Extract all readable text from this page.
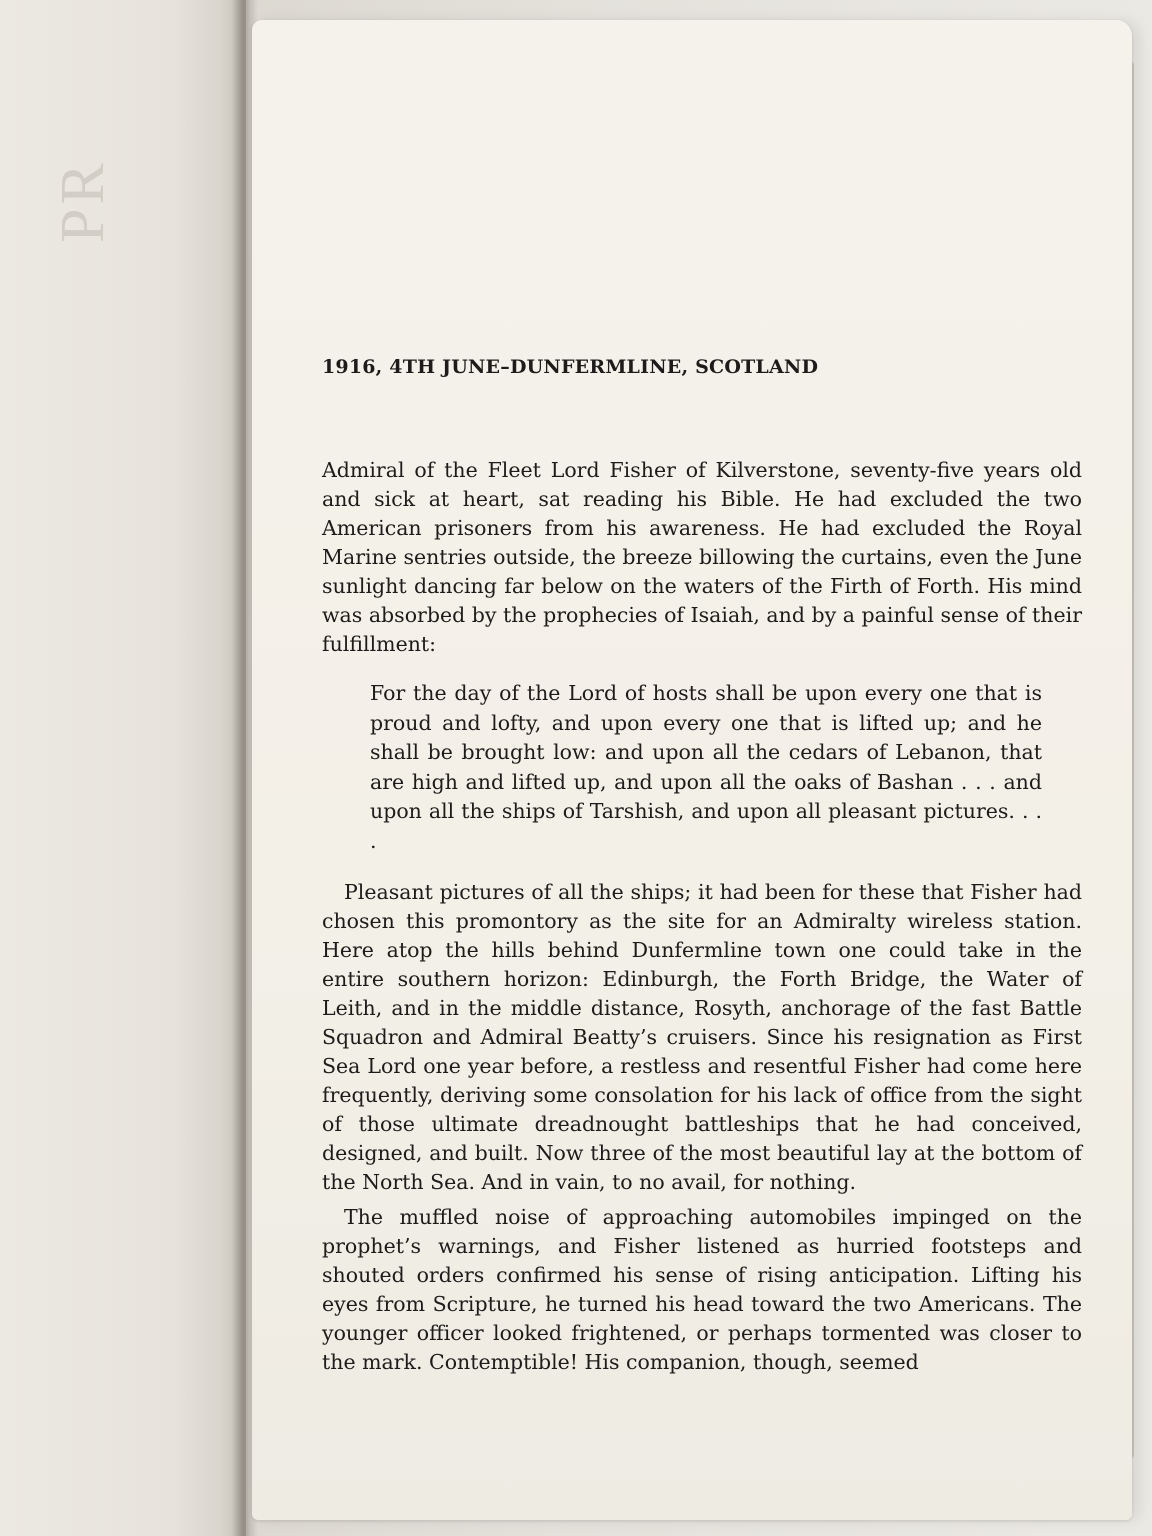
PR
1916, 4TH JUNE–DUNFERMLINE, SCOTLAND

Admiral of the Fleet Lord Fisher of Kilverstone, seventy-five years old and sick at heart, sat reading his Bible. He had excluded the two American prisoners from his awareness. He had excluded the Royal Marine sentries outside, the breeze billowing the curtains, even the June sunlight dancing far below on the waters of the Firth of Forth. His mind was absorbed by the prophecies of Isaiah, and by a painful sense of their fulfillment:

For the day of the Lord of hosts shall be upon every one that is proud and lofty, and upon every one that is lifted up; and he shall be brought low: and upon all the cedars of Lebanon, that are high and lifted up, and upon all the oaks of Bashan . . . and upon all the ships of Tarshish, and upon all pleasant pictures. . . .

Pleasant pictures of all the ships; it had been for these that Fisher had chosen this promontory as the site for an Admiralty wireless station. Here atop the hills behind Dunfermline town one could take in the entire southern horizon: Edinburgh, the Forth Bridge, the Water of Leith, and in the middle distance, Rosyth, anchorage of the fast Battle Squadron and Admiral Beatty’s cruisers. Since his resignation as First Sea Lord one year before, a restless and resentful Fisher had come here frequently, deriving some consolation for his lack of office from the sight of those ultimate dreadnought battleships that he had conceived, designed, and built. Now three of the most beautiful lay at the bottom of the North Sea. And in vain, to no avail, for nothing.

The muffled noise of approaching automobiles impinged on the prophet’s warnings, and Fisher listened as hurried footsteps and shouted orders confirmed his sense of rising anticipation. Lifting his eyes from Scripture, he turned his head toward the two Americans. The younger officer looked frightened, or perhaps tormented was closer to the mark. Contemptible! His companion, though, seemed
